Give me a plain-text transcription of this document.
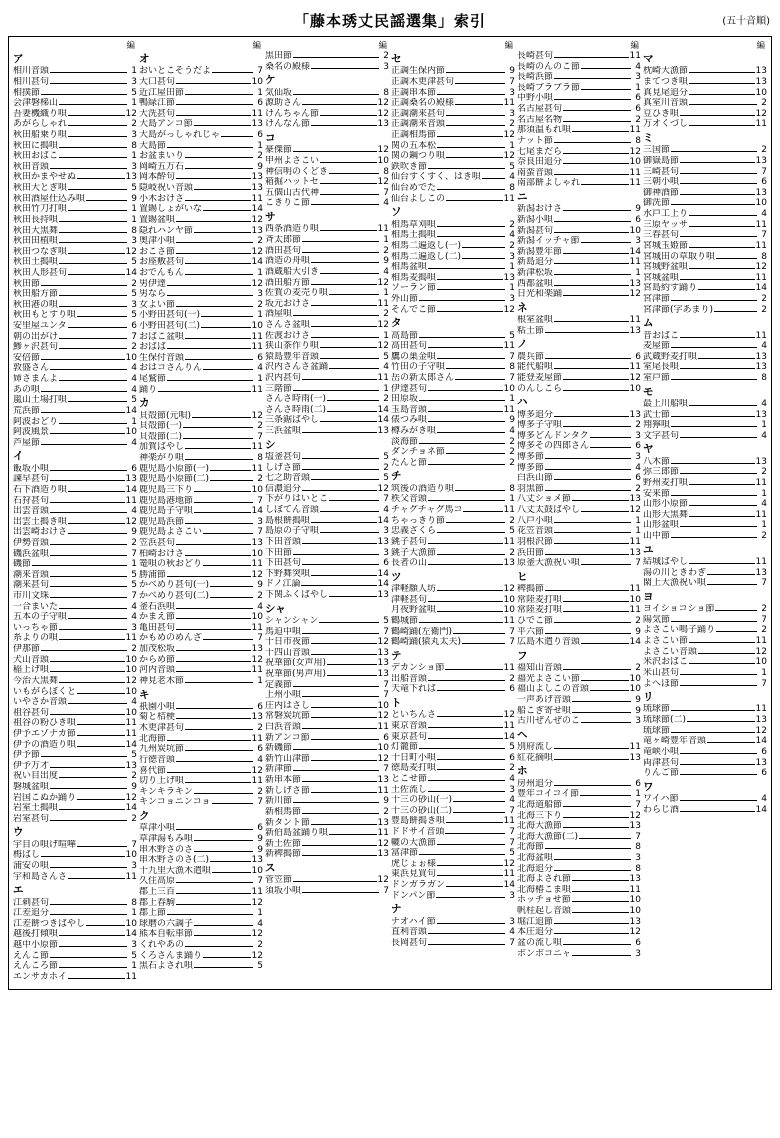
「藤本琇丈民謡選集」索引	(五十音順)
編
ア
相川音頭	1
相川甚句	3
相撲節	5
会津磐梯山	1
吾妻機織り唄	12
あがらしゃれ	2
秋田船乗り唄	3
秋田に搗唄	8
秋田おばこ	1
秋田音頭	3
秋田かまやせぬ	13
秋田大とぎ唄	5
秋田酒屋仕込み唄	9
秋田竹刀打唄	1
秋田長持唄	1
秋田大黒舞	8
秋田田植唄	3
秋田つなぎ唄	12
秋田土搗唄	5
秋田人形甚句	14
秋田節	2
秋田船方節	5
秋田港の唄	3
秋田もとすり唄	5
安里屋ユンタ	6
朝の出がけ	7
鯵ヶ沢甚句	2
安倍節	10
敦盛さん	4
姉さまんよ	4
あの唄	4
嵐山土場打唄	5
荒浜節	14
阿波おどり	1
阿波風景	10
芦屋節	4
イ
飯坂小唄	6
諫早甚句	13
石下酒造り唄	14
石狩甚句	11
出雲音頭	4
出雲土搗き唄	12
出雲崎おけさ	9
伊勢音頭	2
磯浜盆唄	7
磯節	1
潮来音頭	5
潮来甚句	5
市川文珠	7
一合まいた	4
五本の子守唄	4
いっちゃ節	3
糸よりの唄	11
伊那節	2
犬山音頭	10
稲上げ唄	10
今治大黒舞	12
いもがらぼくと	10
いやさか音頭	4
祖谷甚句	10
祖谷の粉ひき唄	11
伊予エゾナカ節	11
伊予の酒造り唄	14
伊予節	5
伊予万才	13
祝い目出度	2
磐城盆唄	9
岩国こぬか踊り	12
岩室土搗唄	14
岩室甚句	2
ウ
宇目の唄げ喧嘩	7
梅ばし	10
浦安の唄	3
宇和島さんさ	11
エ
江刺甚句	8
江差追分	1
江差餅つきばやし	10
越後打傾唄	14
越中小原節	3
えんこ節	5
えんころ節	1
エンサカホイ	11
編
オ
おいとこそうだよ	7
大口甚句	10
近江屋田節	1
鴨緑江節	6
大洗甚句	11
大島アンコ節	13
大島がっしゃれじゃ	6
大島節	1
お盆まいり	2
岡崎五万石	9
岡本酔句	13
隠岐祝い音頭	13
小木おけさ	11
置賜しょがいな	14
置賜盆唄	12
隠れハンヤ節	13
奥津小唄	2
おこさ節	12
お座敷甚句	14
おでんもん	1
男伊達	12
男なら	3
女よい節	2
小野田甚句(一)	1
小野田甚句(二)	10
おばこ盆唄	11
おばば	11
生保付音頭	6
おはコさんりん	4
尾鷲節	1
踊り	11
カ
貝殻節(元唄)	12
貝殻節(一)	2
貝殻節(二)	7
加賀ばやし	11
神楽がり唄	8
鹿児島小原節(一)	11
鹿児島小原節(二)	2
鹿児島三下り	10
鹿児島港地節	7
鹿児島子守唄	14
鹿児島浜節	3
鹿児島よさこい	7
笠浜甚句	13
柏崎おけさ	10
篭唄の秋おどり	11
勝浦節	12
かべめり甚句(一)	9
かべめり甚句(二)	2
釜石浜唄	4
かまえ節	10
亀田甚句	11
かもめのめんざ	7
加茂松坂	13
からめ節	12
河内音頭	11
神見老木節	1
キ
祇園小唄	6
菊と桔梗	13
木更津甚句	2
北海節	11
九州炭坑節	6
行徳音頭	4
喜代節	12
切り上げ唄	11
キンキラキン	2
キンコョニンコョ	7
ク
草津小唄	6
草津湯もみ唄	9
串木野さのさ	9
串木野さのさ(二)	13
十九里大漁木遣唄	10
久住高原	7
郡上三百	11
郡上春駒	12
郡上節	1
球磨の六調子	4
熊本自転車節	12
くれやあの	2
くろさんま踊り	12
黒石よされ唄	5
編
黒田節	2
桑名の殿様	3
ケ
気仙坂	8
源助さん	12
けんちゃん節	12
けんなん節	13
コ
豪傑節	12
甲州よさこい	10
神信明のくどき	8
箱掘ハットセ	12
五個山古代神	7
こきりこ節	4
サ
西条酒造り唄	11
斉太郎節	1
酒田甚句	2
酒造の舟唄	9
酒蔵船大引き	4
酒田船方節	12
佐賀の麦売り唄	1
坂元おけさ	11
酒屋唄	2
さんさ盆唄	12
佐渡おけさ	1
狭山茶作り唄	12
猿島豊年音頭	5
沢内さんさ盆踊	4
沢内甚句	11
三階節	1
さんさ時雨(一)	2
さんさ時雨(二)	14
三条鋸ばやし	14
三浜盆唄	13
シ
塩釜甚句	5
しげさ節	2
七之助音頭	5
信濃追分	12
下がりはいとこ	7
しぼてん音頭	4
島根餅搗唄	14
島原の子守唄	3
下田音頭	13
下田節	3
下田甚句	6
下野舞突唄	14
ドノ江論	14
下関ふくばやし	13
シャ
シャンシャン	5
馬迫中唄	7
十日市夜節	12
十四山音頭	13
祝華節(女声用)	13
祝華節(男声用)	13
定義節	7
上州小唄	7
庄内はさし	10
常磐炭坑節	12
白浜音頭	11
新アンコ節	6
新磯節	10
新竹山津節	12
新津節	7
新串本節	13
新しげさ節	11
新川節	9
新相馬節	2
新タント節	13
新伯島盆踊り唄	11
新土佐節	12
新稗搗節	13
ス
菅笠節	12
須坂小唄	7
編
セ
正調生保内節	9
正調木更津甚句	7
正調串本節	3
正調桑名の殿様	11
正調潮来甚句	3
正調潮来音頭	2
正調相馬節	12
関の五本松	1
関の鋼つり唄	12
鉄吹き節	5
仙台すくすく、はき唄	4
仙台めでた	8
仙台よしこの	11
ソ
相馬草刈唄	2
相馬土搗唄	4
相馬二遍返し(一)	2
相馬二遍返し(二)	3
相馬盆唄	1
相馬麦搗唄	13
ソーラン節	1
外山節	3
そんでこ節	12
タ
高島節	5
高田甚句	11
鷹の巣金唄	7
竹田の子守唄	8
岳の新太郎さん	7
伊達甚句	10
田原坂	1
玉島音頭	11
俵つみ唄	9
樽みがき唄	4
淡海節	2
ダンチョネ節	2
たんと節	2
チ
筑後の酒造り唄	8
秩父音頭	1
チャグチャグ馬コ	11
ちゃっきり節	2
忠義ざくら	5
銚子甚句	11
銚子大漁節	2
長者の山	13
ツ
津軽願人坊	12
津軽甚句	10
月夜野盆唄	10
鶴城節	11
鶴崎踊(左衛門)	7
鶴崎踊(猿丸太夫)	7
テ
デカンショ節	11
出船音頭	2
天竜下れば	6
ト
といちんさ	12
東京音頭	11
東京甚句	14
灯籠節	5
十日町小唄	6
徳島麦打唄	2
とこせ節	4
土佐流し	3
十三の砂山(一)	4
十三の砂山(二)	7
豊島餅搗き唄	11
ドドサイ音頭	7
轆の大漁節	7
富津節	5
虎じょぉ様	12
東浜見買句	11
ドンガラガン	14
ドンパン節	3
ナ
ナオハイ節	3
直利音頭	4
長岡甚句	7
編
長崎甚句	11
長崎のんのこ節	4
長崎浜節	3
長崎ブラブラ節	1
中野小唄	6
名古屋甚句	6
名古屋名物	2
那須温もれ唄	11
ナット節	8
七尾まだら	12
奈良田追分	10
南蛮音頭	11
南部餅よしゃれ	11
ニ
新潟おけさ	9
新潟小唄	6
新潟甚句	10
新潟イッチャ節	3
新潟豊年節	14
新島追分	11
新津松坂	1
西都盆唄	13
日光和楽踊	12
ネ
根室盆唄	11
粘土節	13
ノ
農兵節	6
能代船唄	11
能登麦屋節	12
のんしこら	10
ハ
博多追分	13
博多子守唄	2
博多どんドンタク	3
博多その四郎さん	6
博多節	3
博多節	4
白浜山節	6
羽黒節	2
八丈ショメ節	13
八丈太鼓ばやし	12
八戸小唄	1
花笠音頭	1
羽根沢節	11
浜田節	13
原釜大漁祝い唄	7
ヒ
稗搗節	11
常陸麦打唄	10
常陸麦打唄	11
ひでこ節	2
平六節	9
広島木遣り音頭	14
フ
福知山音頭	2
福光よさこい節	10
福山よしこの音頭	10
一声あげ音頭	9
船こぎ寄せ唄	9
古川ぜんぜのこ	3
ヘ
別府流し	11
紅花摘唄	13
ホ
房州追分	6
豊年コイコイ節	1
北海道船節	7
北海三下り	12
北海大漁節	13
北海大漁節(二)	7
北海節	8
北海盆唄	3
北海追分	8
北海よされ節	13
北海椿こま唄	11
ホッチョせ節	10
帆柱起し音頭	10
堀江追節	13
本庄追分	12
盆の流し唄	6
ボンボコニャ	3
編
マ
枕崎大漁節	13
まてつき唄	13
真見尾追分	10
真室川音頭	2
豆ひき唄	12
万オくづし	11
ミ
三国節	2
御嶽島節	13
三崎甚句	7
三朝小唄	6
御神酒節	13
御洗節	10
水戸工上り	4
三原ヤッサ	11
三春甚句	7
宮城玉姫節	11
宮城田の草取り唄	8
宮城野盆唄	12
宮城盆唄	11
宮島約す踊り	14
宮津節	2
宮津節(字あまり)	2
ム
昔おばこ	11
麦屋節	4
武蔵野麦打唄	13
室尾長唄	13
室戸節	8
モ
最上川船唄	4
武士節	13
翔獰唄	1
文字甚句	4
ヤ
八木節	13
弥三郎節	2
野州麦打唄	11
安来節	1
山形小原節	4
山形大黒舞	11
山形盆唄	1
山中節	2
ユ
結城ばやし	11
湯の川ときわぎ	13
閖上大漁祝い唄	7
ヨ
ヨイショコショ節	2
陽気節	7
よさこい鳴子踊り	2
よさこい節	11
よさこい音頭	12
米沢おばこ	10
米山甚句	1
よへほ節	7
リ
琉球節	11
琉球節(二)	13
琉球節	12
竜ヶ崎豊年音頭	14
竜峡小唄	6
両津甚句	13
りんご節	6
ワ
ワイハ節	4
わらじ酒	14
